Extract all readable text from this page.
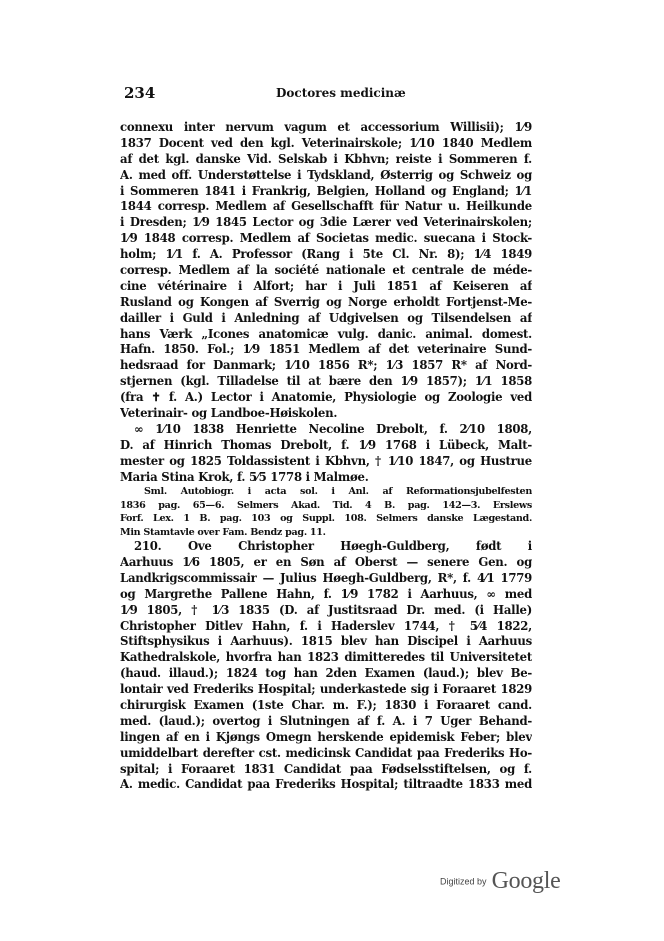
234	Doctores medicinæ
connexu inter nervum vagum et accessorium Willisii); 1⁄9
1837 Docent ved den kgl. Veterinairskole; 1⁄10 1840 Medlem
af det kgl. danske Vid. Selskab i Kbhvn; reiste i Sommeren f.
A. med off. Understøttelse i Tydskland, Østerrig og Schweiz og
i Sommeren 1841 i Frankrig, Belgien, Holland og England; 1⁄1
1844 corresp. Medlem af Gesellschafft für Natur u. Heilkunde
i Dresden; 1⁄9 1845 Lector og 3die Lærer ved Veterinairskolen;
1⁄9 1848 corresp. Medlem af Societas medic. suecana i Stock-
holm; 1⁄1 f. A. Professor (Rang i 5te Cl. Nr. 8); 1⁄4 1849
corresp. Medlem af la société nationale et centrale de méde-
cine vétérinaire i Alfort; har i Juli 1851 af Keiseren af
Rusland og Kongen af Sverrig og Norge erholdt Fortjenst-Me-
dailler i Guld i Anledning af Udgivelsen og Tilsendelsen af
hans Værk „Icones anatomicæ vulg. danic. animal. domest.
Hafn. 1850. Fol.; 1⁄9 1851 Medlem af det veterinaire Sund-
hedsraad for Danmark; 1⁄10 1856 R*; 1⁄3 1857 R* af Nord-
stjernen (kgl. Tilladelse til at bære den 1⁄9 1857); 1⁄1 1858
(fra ✝ f. A.) Lector i Anatomie, Physiologie og Zoologie ved
Veterinair- og Landboe-Høiskolen.
∞ 1⁄10 1838 Henriette Necoline Drebolt, f. 2⁄10 1808,
D. af Hinrich Thomas Drebolt, f. 1⁄9 1768 i Lübeck, Malt-
mester og 1825 Toldassistent i Kbhvn, † 1⁄10 1847, og Hustrue
Maria Stina Krok, f. 5⁄5 1778 i Malmøe.
Sml. Autobiogr. i acta sol. i Anl. af Reformationsjubelfesten
1836 pag. 65—6. Selmers Akad. Tid. 4 B. pag. 142—3. Erslews
Forf. Lex. 1 B. pag. 103 og Suppl. 108. Selmers danske Lægestand.
Min Stamtavle over Fam. Bendz pag. 11.
210. Ove Christopher Høegh-Guldberg, født i
Aarhuus 1⁄6 1805, er en Søn af Oberst — senere Gen. og
Landkrigscommissair — Julius Høegh-Guldberg, R*, f. 4⁄1 1779
og Margrethe Pallene Hahn, f. 1⁄9 1782 i Aarhuus, ∞ med
1⁄9 1805, † 1⁄3 1835 (D. af Justitsraad Dr. med. (i Halle)
Christopher Ditlev Hahn, f. i Haderslev 1744, † 5⁄4 1822,
Stiftsphysikus i Aarhuus). 1815 blev han Discipel i Aarhuus
Kathedralskole, hvorfra han 1823 dimitteredes til Universitetet
(haud. illaud.); 1824 tog han 2den Examen (laud.); blev Be-
lontair ved Frederiks Hospital; underkastede sig i Foraaret 1829
chirurgisk Examen (1ste Char. m. F.); 1830 i Foraaret cand.
med. (laud.); overtog i Slutningen af f. A. i 7 Uger Behand-
lingen af en i Kjøngs Omegn herskende epidemisk Feber; blev
umiddelbart derefter cst. medicinsk Candidat paa Frederiks Ho-
spital; i Foraaret 1831 Candidat paa Fødselsstiftelsen, og f.
A. medic. Candidat paa Frederiks Hospital; tiltraadte 1833 med
Digitized by Google
